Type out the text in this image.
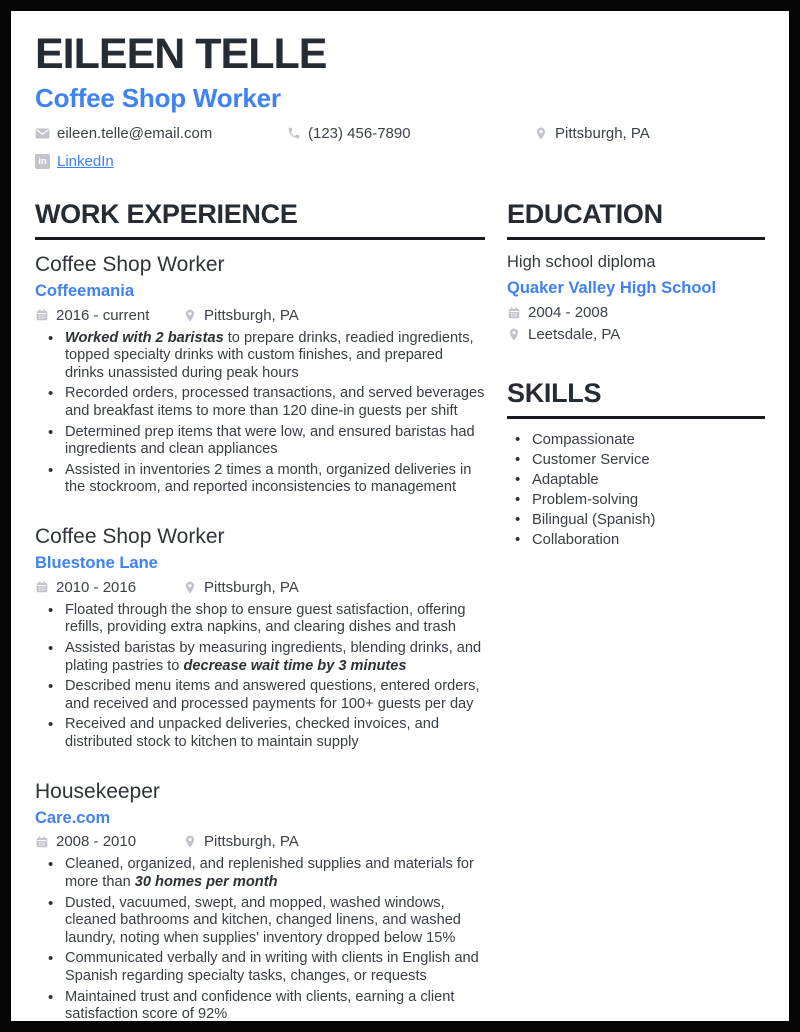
EILEEN TELLE
Coffee Shop Worker
eileen.telle@email.com	(123) 456-7890	Pittsburgh, PA
in LinkedIn
WORK EXPERIENCE
Coffee Shop Worker
Coffeemania
2016 - current	Pittsburgh, PA
• Worked with 2 baristas to prepare drinks, readied ingredients, topped specialty drinks with custom finishes, and prepared drinks unassisted during peak hours
• Recorded orders, processed transactions, and served beverages and breakfast items to more than 120 dine-in guests per shift
• Determined prep items that were low, and ensured baristas had ingredients and clean appliances
• Assisted in inventories 2 times a month, organized deliveries in the stockroom, and reported inconsistencies to management
Coffee Shop Worker
Bluestone Lane
2010 - 2016	Pittsburgh, PA
• Floated through the shop to ensure guest satisfaction, offering refills, providing extra napkins, and clearing dishes and trash
• Assisted baristas by measuring ingredients, blending drinks, and plating pastries to decrease wait time by 3 minutes
• Described menu items and answered questions, entered orders, and received and processed payments for 100+ guests per day
• Received and unpacked deliveries, checked invoices, and distributed stock to kitchen to maintain supply
Housekeeper
Care.com
2008 - 2010	Pittsburgh, PA
• Cleaned, organized, and replenished supplies and materials for more than 30 homes per month
• Dusted, vacuumed, swept, and mopped, washed windows, cleaned bathrooms and kitchen, changed linens, and washed laundry, noting when supplies' inventory dropped below 15%
• Communicated verbally and in writing with clients in English and Spanish regarding specialty tasks, changes, or requests
• Maintained trust and confidence with clients, earning a client satisfaction score of 92%
EDUCATION
High school diploma
Quaker Valley High School
2004 - 2008
Leetsdale, PA
SKILLS
• Compassionate
• Customer Service
• Adaptable
• Problem-solving
• Bilingual (Spanish)
• Collaboration
